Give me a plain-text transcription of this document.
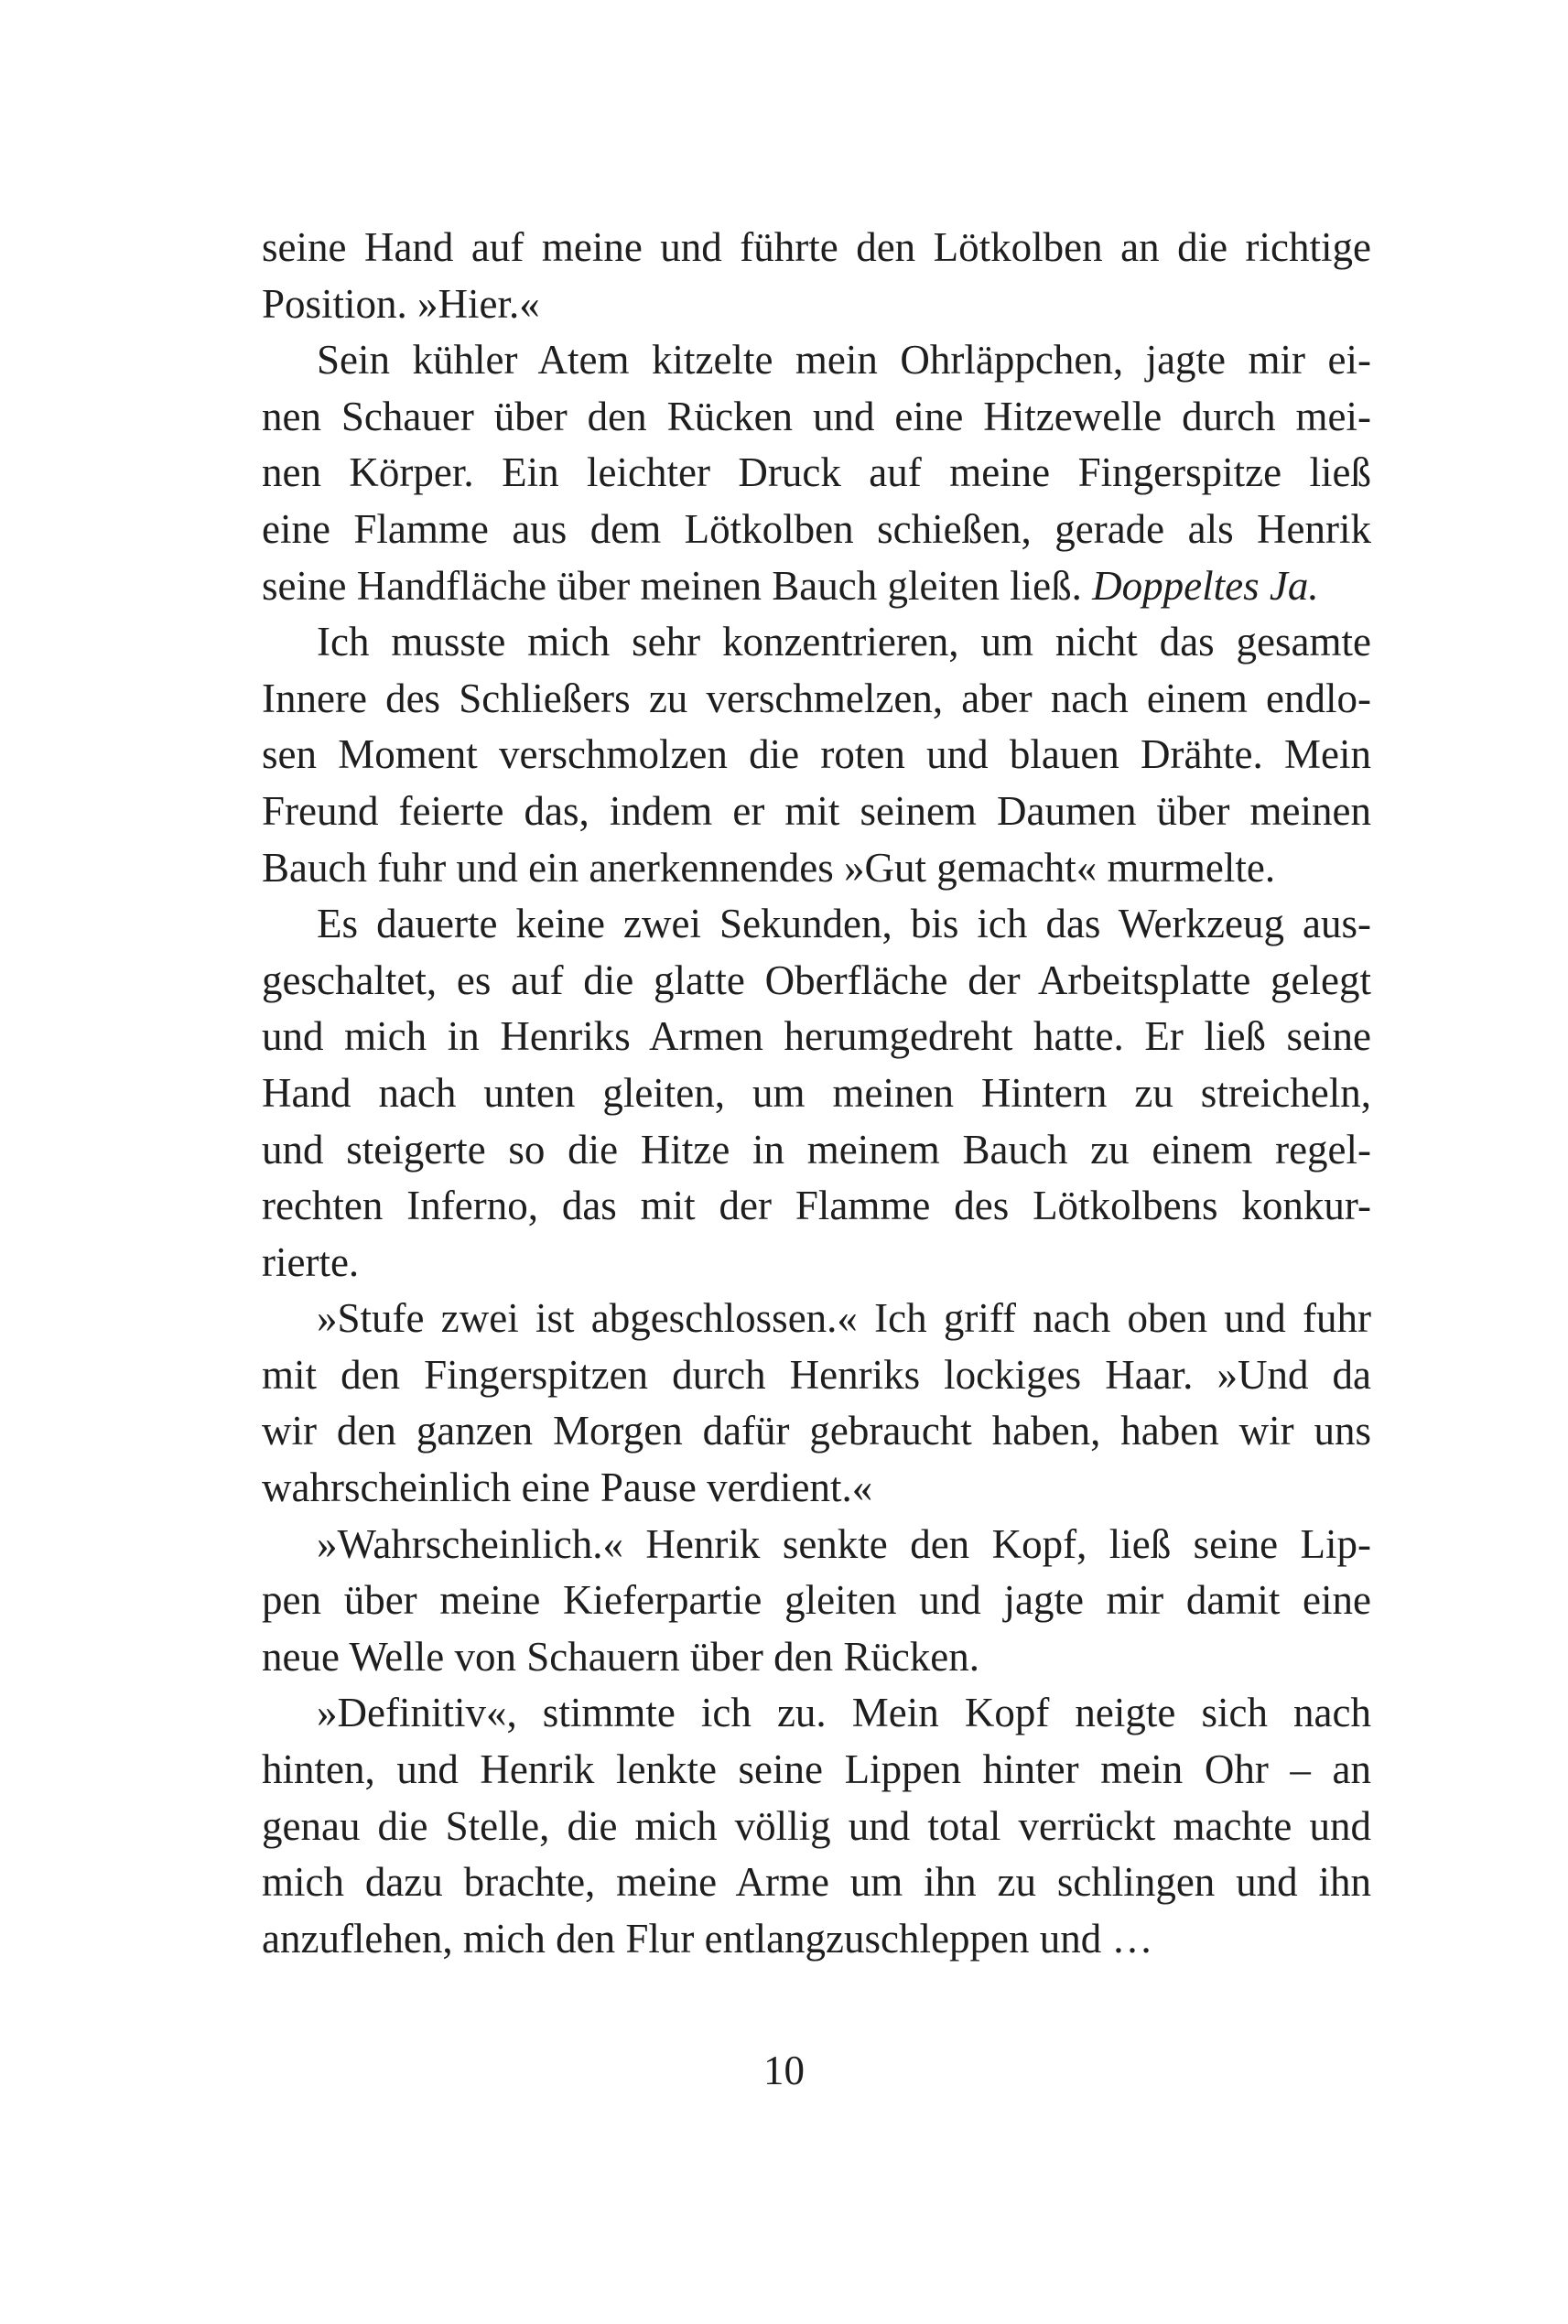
seine Hand auf meine und führte den Lötkolben an die richtige
Position. »Hier.«
Sein kühler Atem kitzelte mein Ohrläppchen, jagte mir ei-
nen Schauer über den Rücken und eine Hitzewelle durch mei-
nen Körper. Ein leichter Druck auf meine Fingerspitze ließ
eine Flamme aus dem Lötkolben schießen, gerade als Henrik
seine Handfläche über meinen Bauch gleiten ließ. Doppeltes Ja.
Ich musste mich sehr konzentrieren, um nicht das gesamte
Innere des Schließers zu verschmelzen, aber nach einem endlo-
sen Moment verschmolzen die roten und blauen Drähte. Mein
Freund feierte das, indem er mit seinem Daumen über meinen
Bauch fuhr und ein anerkennendes »Gut gemacht« murmelte.
Es dauerte keine zwei Sekunden, bis ich das Werkzeug aus-
geschaltet, es auf die glatte Oberfläche der Arbeitsplatte gelegt
und mich in Henriks Armen herumgedreht hatte. Er ließ seine
Hand nach unten gleiten, um meinen Hintern zu streicheln,
und steigerte so die Hitze in meinem Bauch zu einem regel-
rechten Inferno, das mit der Flamme des Lötkolbens konkur-
rierte.
»Stufe zwei ist abgeschlossen.« Ich griff nach oben und fuhr
mit den Fingerspitzen durch Henriks lockiges Haar. »Und da
wir den ganzen Morgen dafür gebraucht haben, haben wir uns
wahrscheinlich eine Pause verdient.«
»Wahrscheinlich.« Henrik senkte den Kopf, ließ seine Lip-
pen über meine Kieferpartie gleiten und jagte mir damit eine
neue Welle von Schauern über den Rücken.
»Definitiv«, stimmte ich zu. Mein Kopf neigte sich nach
hinten, und Henrik lenkte seine Lippen hinter mein Ohr – an
genau die Stelle, die mich völlig und total verrückt machte und
mich dazu brachte, meine Arme um ihn zu schlingen und ihn
anzuflehen, mich den Flur entlangzuschleppen und …
10
